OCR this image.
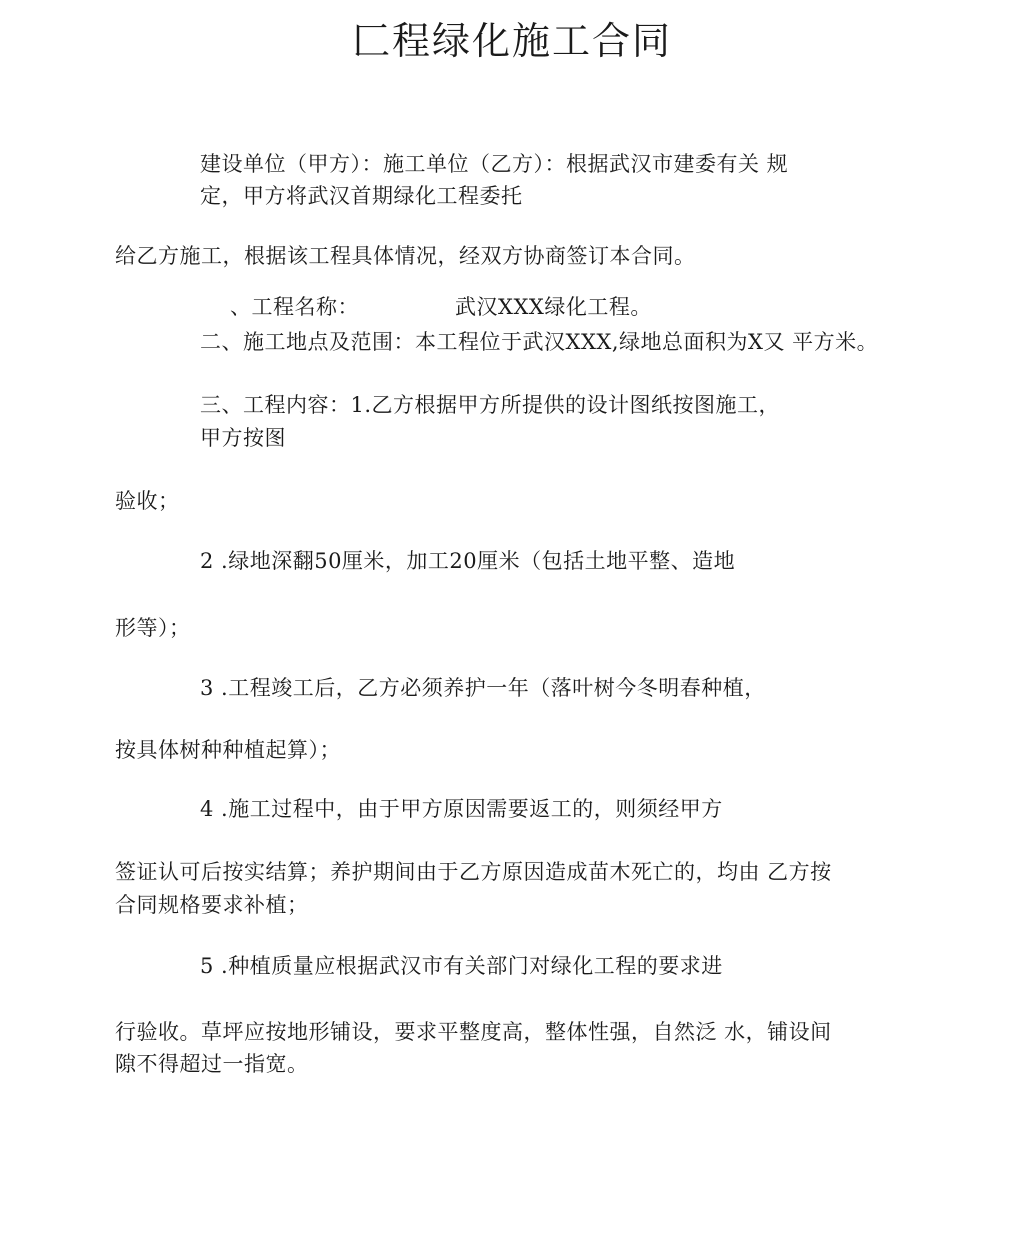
匚程绿化施工合同
建设单位（甲方）：施工单位（乙方）：根据武汉市建委有关 规
定，甲方将武汉首期绿化工程委托
给乙方施工，根据该工程具体情况，经双方协商签订本合同。
、工程名称：	武汉XXX绿化工程。
二、施工地点及范围：本工程位于武汉XXX,绿地总面积为X又 平方米。
三、工程内容：1.乙方根据甲方所提供的设计图纸按图施工，
甲方按图
验收；
2 .绿地深翻50厘米，加工20厘米（包括土地平整、造地
形等）；
3 .工程竣工后，乙方必须养护一年（落叶树今冬明春种植，
按具体树种种植起算）；
4 .施工过程中，由于甲方原因需要返工的，则须经甲方
签证认可后按实结算；养护期间由于乙方原因造成苗木死亡的，均由 乙方按
合同规格要求补植；
5 .种植质量应根据武汉市有关部门对绿化工程的要求进
行验收。草坪应按地形铺设，要求平整度高，整体性强，自然泛 水，铺设间
隙不得超过一指宽。
